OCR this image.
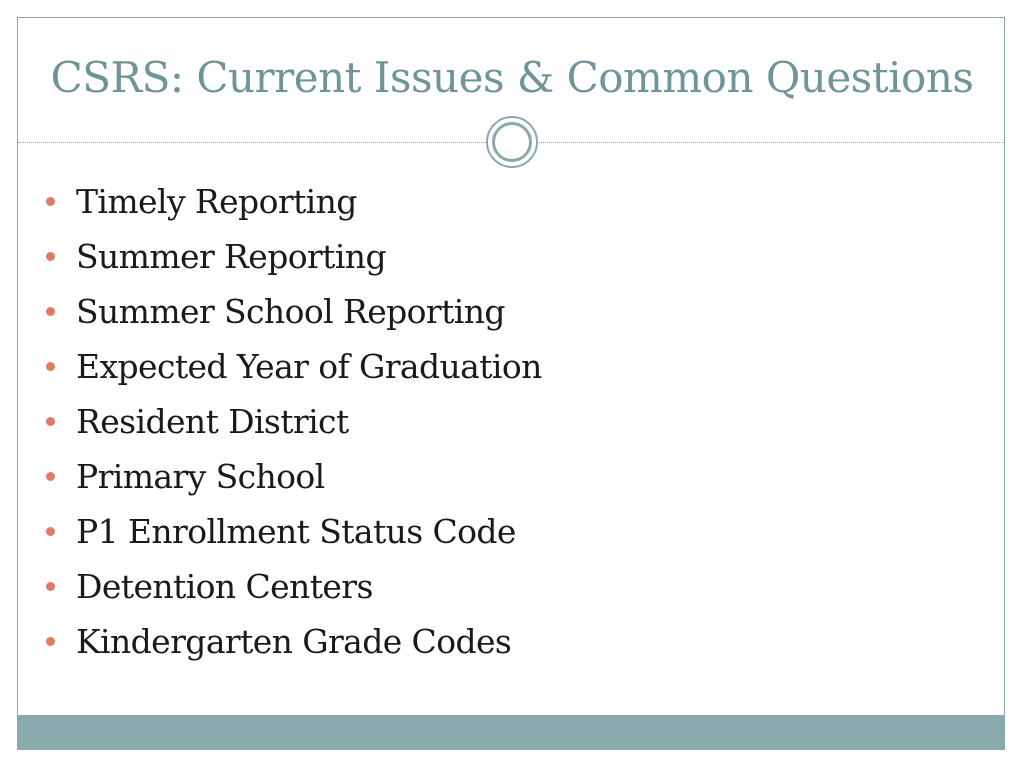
CSRS: Current Issues & Common Questions
Timely Reporting
Summer Reporting
Summer School Reporting
Expected Year of Graduation
Resident District
Primary School
P1 Enrollment Status Code
Detention Centers
Kindergarten Grade Codes
